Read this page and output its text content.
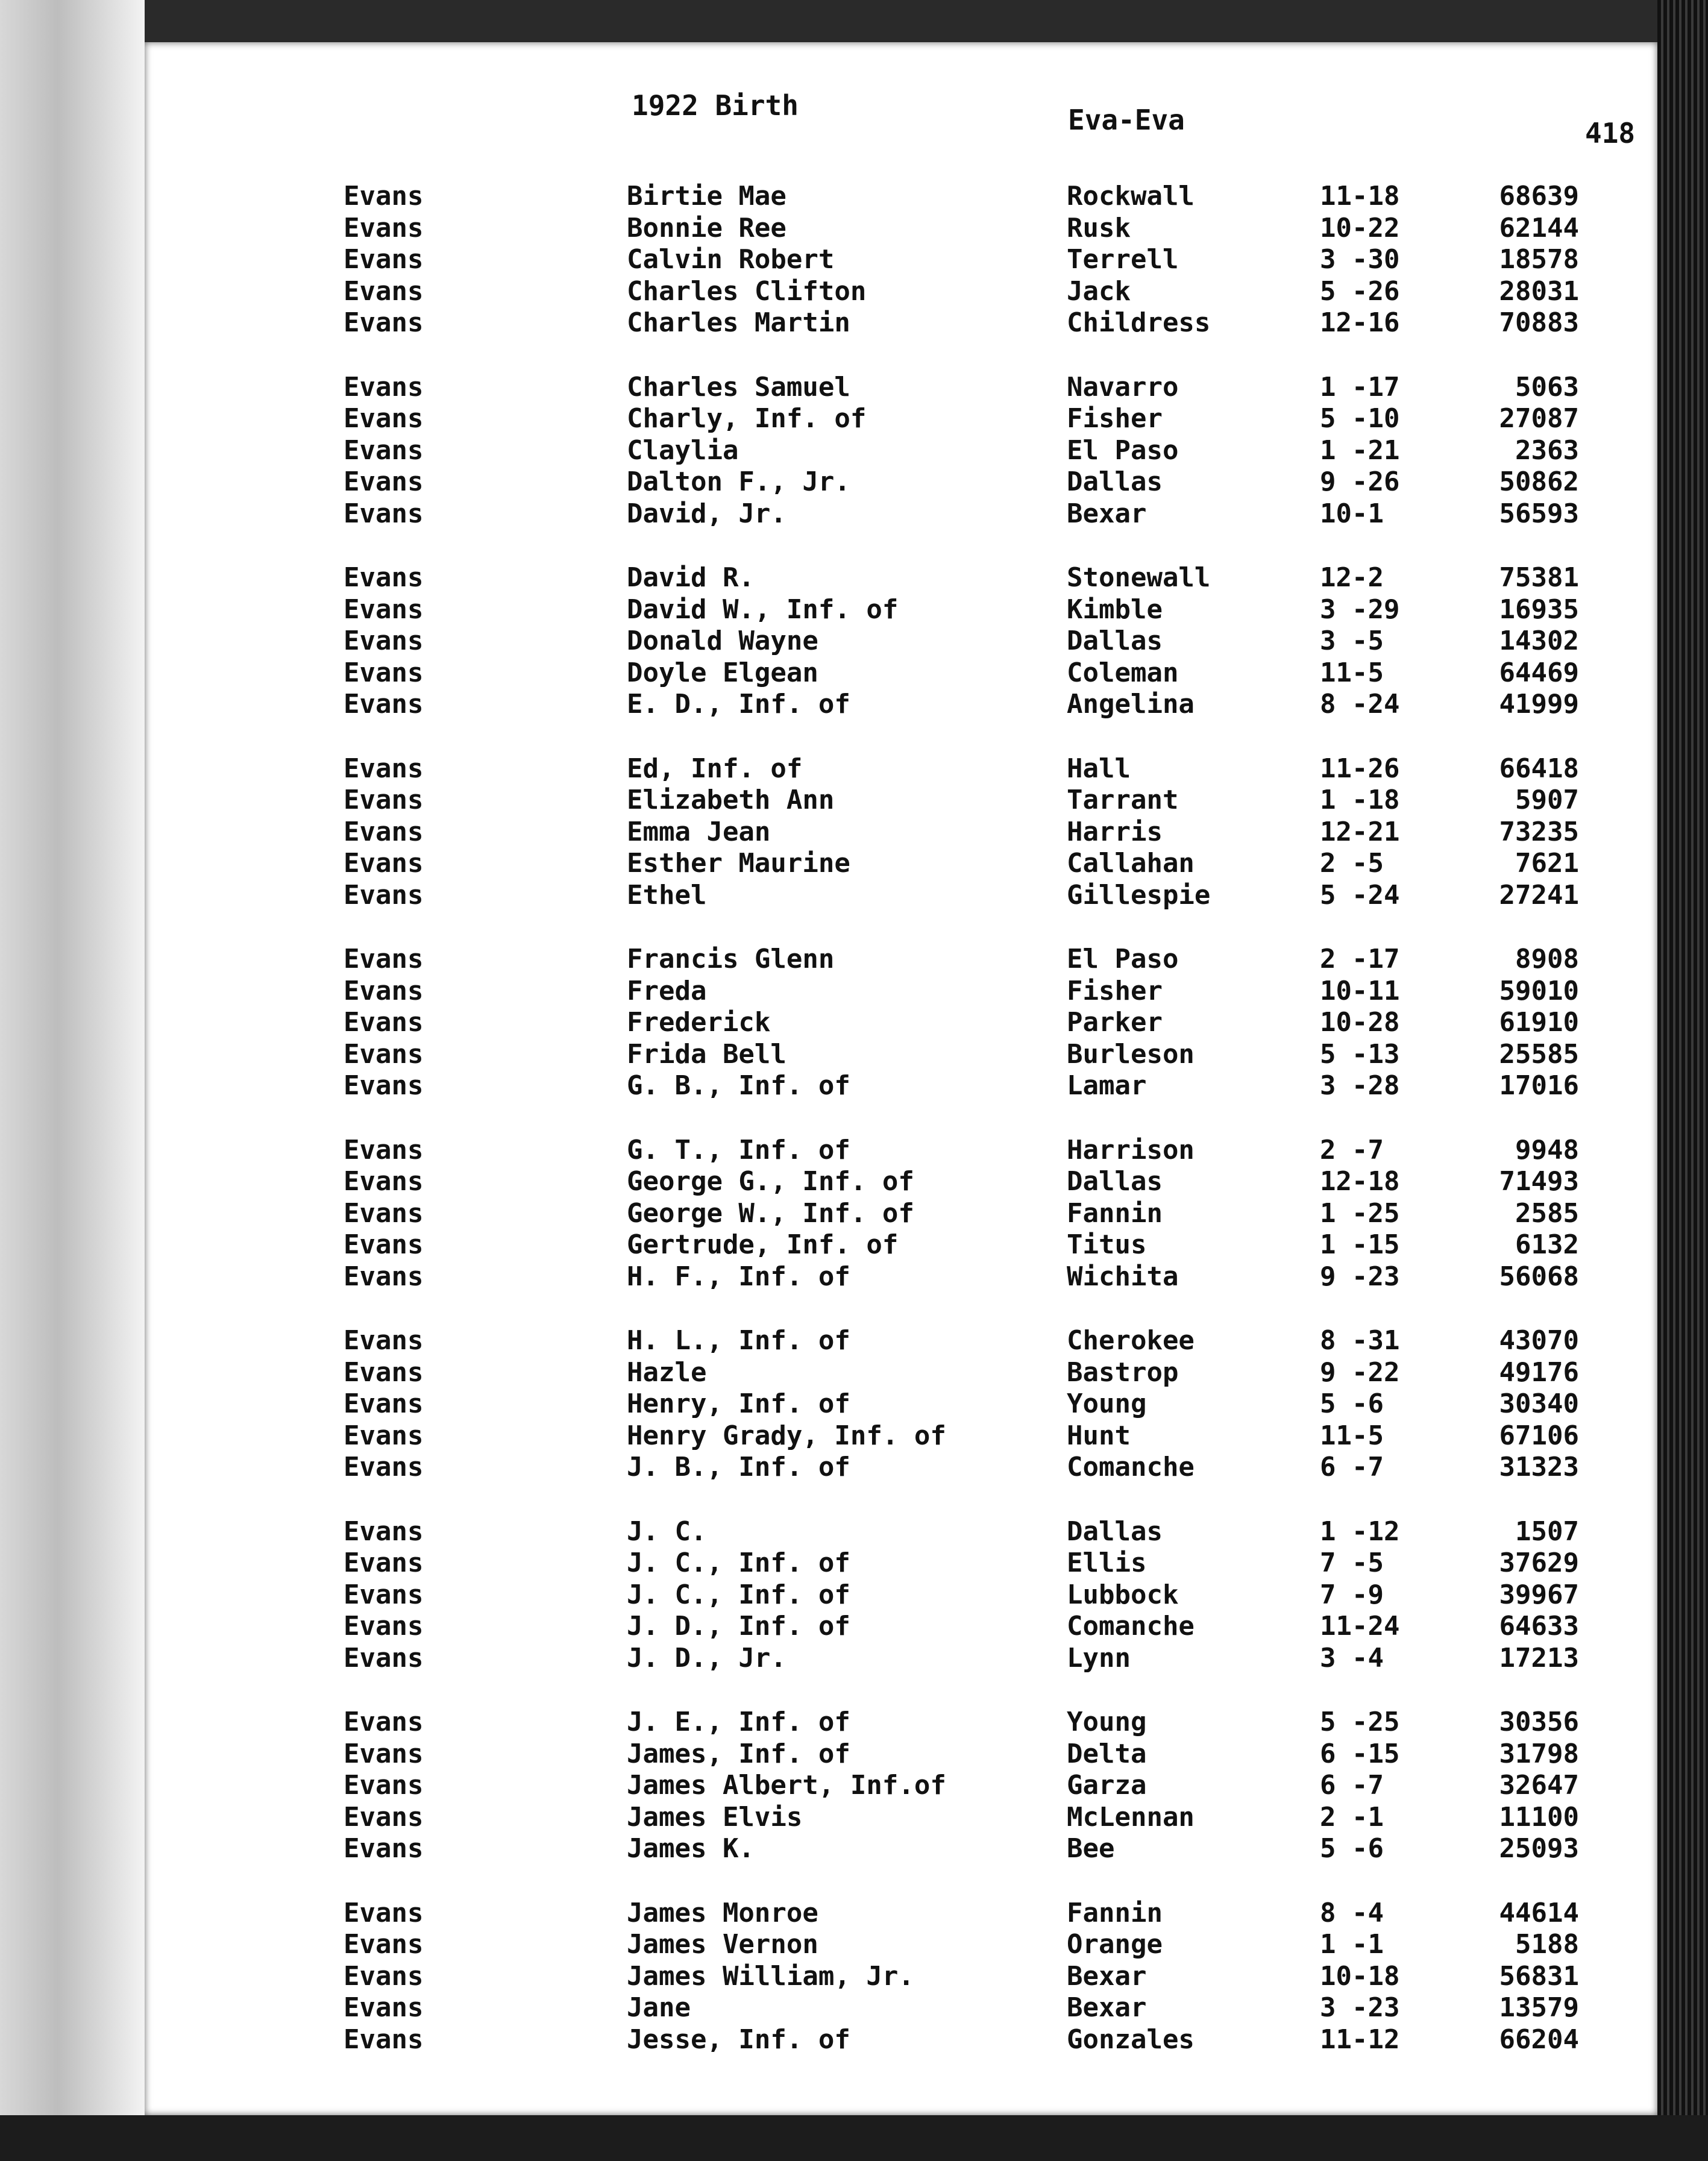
1922 Birth	Eva-Eva	418
Evans	Birtie Mae	Rockwall	11-18	68639
Evans	Bonnie Ree	Rusk	10-22	62144
Evans	Calvin Robert	Terrell	3 -30	18578
Evans	Charles Clifton	Jack	5 -26	28031
Evans	Charles Martin	Childress	12-16	70883
Evans	Charles Samuel	Navarro	1 -17	5063
Evans	Charly, Inf. of	Fisher	5 -10	27087
Evans	Claylia	El Paso	1 -21	2363
Evans	Dalton F., Jr.	Dallas	9 -26	50862
Evans	David, Jr.	Bexar	10-1	56593
Evans	David R.	Stonewall	12-2	75381
Evans	David W., Inf. of	Kimble	3 -29	16935
Evans	Donald Wayne	Dallas	3 -5	14302
Evans	Doyle Elgean	Coleman	11-5	64469
Evans	E. D., Inf. of	Angelina	8 -24	41999
Evans	Ed, Inf. of	Hall	11-26	66418
Evans	Elizabeth Ann	Tarrant	1 -18	5907
Evans	Emma Jean	Harris	12-21	73235
Evans	Esther Maurine	Callahan	2 -5	7621
Evans	Ethel	Gillespie	5 -24	27241
Evans	Francis Glenn	El Paso	2 -17	8908
Evans	Freda	Fisher	10-11	59010
Evans	Frederick	Parker	10-28	61910
Evans	Frida Bell	Burleson	5 -13	25585
Evans	G. B., Inf. of	Lamar	3 -28	17016
Evans	G. T., Inf. of	Harrison	2 -7	9948
Evans	George G., Inf. of	Dallas	12-18	71493
Evans	George W., Inf. of	Fannin	1 -25	2585
Evans	Gertrude, Inf. of	Titus	1 -15	6132
Evans	H. F., Inf. of	Wichita	9 -23	56068
Evans	H. L., Inf. of	Cherokee	8 -31	43070
Evans	Hazle	Bastrop	9 -22	49176
Evans	Henry, Inf. of	Young	5 -6	30340
Evans	Henry Grady, Inf. of	Hunt	11-5	67106
Evans	J. B., Inf. of	Comanche	6 -7	31323
Evans	J. C.	Dallas	1 -12	1507
Evans	J. C., Inf. of	Ellis	7 -5	37629
Evans	J. C., Inf. of	Lubbock	7 -9	39967
Evans	J. D., Inf. of	Comanche	11-24	64633
Evans	J. D., Jr.	Lynn	3 -4	17213
Evans	J. E., Inf. of	Young	5 -25	30356
Evans	James, Inf. of	Delta	6 -15	31798
Evans	James Albert, Inf.of	Garza	6 -7	32647
Evans	James Elvis	McLennan	2 -1	11100
Evans	James K.	Bee	5 -6	25093
Evans	James Monroe	Fannin	8 -4	44614
Evans	James Vernon	Orange	1 -1	5188
Evans	James William, Jr.	Bexar	10-18	56831
Evans	Jane	Bexar	3 -23	13579
Evans	Jesse, Inf. of	Gonzales	11-12	66204
